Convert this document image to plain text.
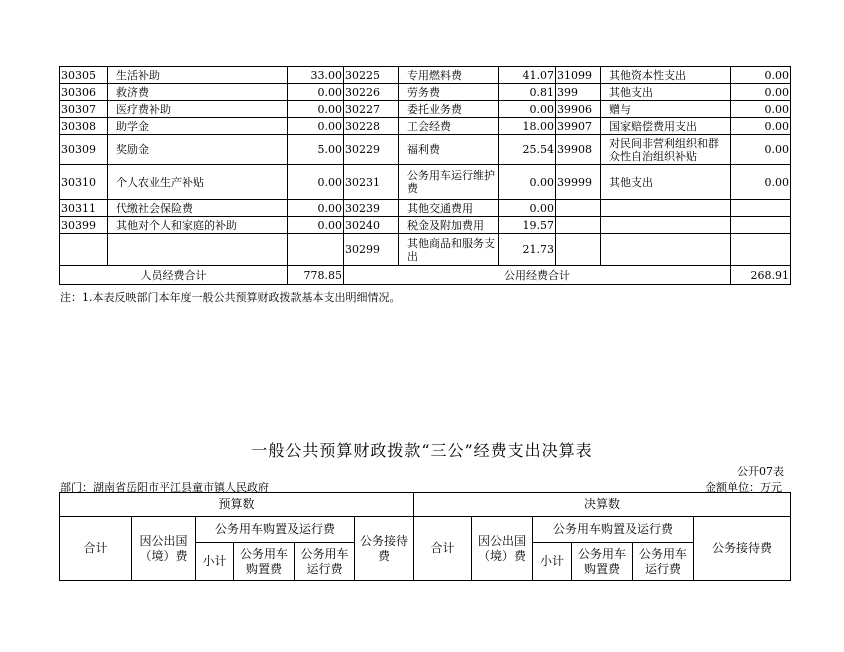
30305	生活补助	33.00	30225	专用燃料费	41.07	31099	其他资本性支出	0.00
30306	救济费	0.00	30226	劳务费	0.81	399	其他支出	0.00
30307	医疗费补助	0.00	30227	委托业务费	0.00	39906	赠与	0.00
30308	助学金	0.00	30228	工会经费	18.00	39907	国家赔偿费用支出	0.00
30309	奖励金	5.00	30229	福利费	25.54	39908	对民间非营利组织和群众性自治组织补贴	0.00
30310	个人农业生产补贴	0.00	30231	公务用车运行维护费	0.00	39999	其他支出	0.00
30311	代缴社会保险费	0.00	30239	其他交通费用	0.00			
30399	其他对个人和家庭的补助	0.00	30240	税金及附加费用	19.57			
			30299	其他商品和服务支出	21.73			
人员经费合计		778.85	公用经费合计					268.91
注：1.本表反映部门本年度一般公共预算财政拨款基本支出明细情况。
一般公共预算财政拨款“三公”经费支出决算表
公开07表
部门：湖南省岳阳市平江县童市镇人民政府	金额单位：万元
预算数						决算数					
合计	因公出国（境）费	公务用车购置及运行费			公务接待费	合计	因公出国（境）费	公务用车购置及运行费			公务接待费
		小计	公务用车购置费	公务用车运行费				小计	公务用车购置费	公务用车运行费	
